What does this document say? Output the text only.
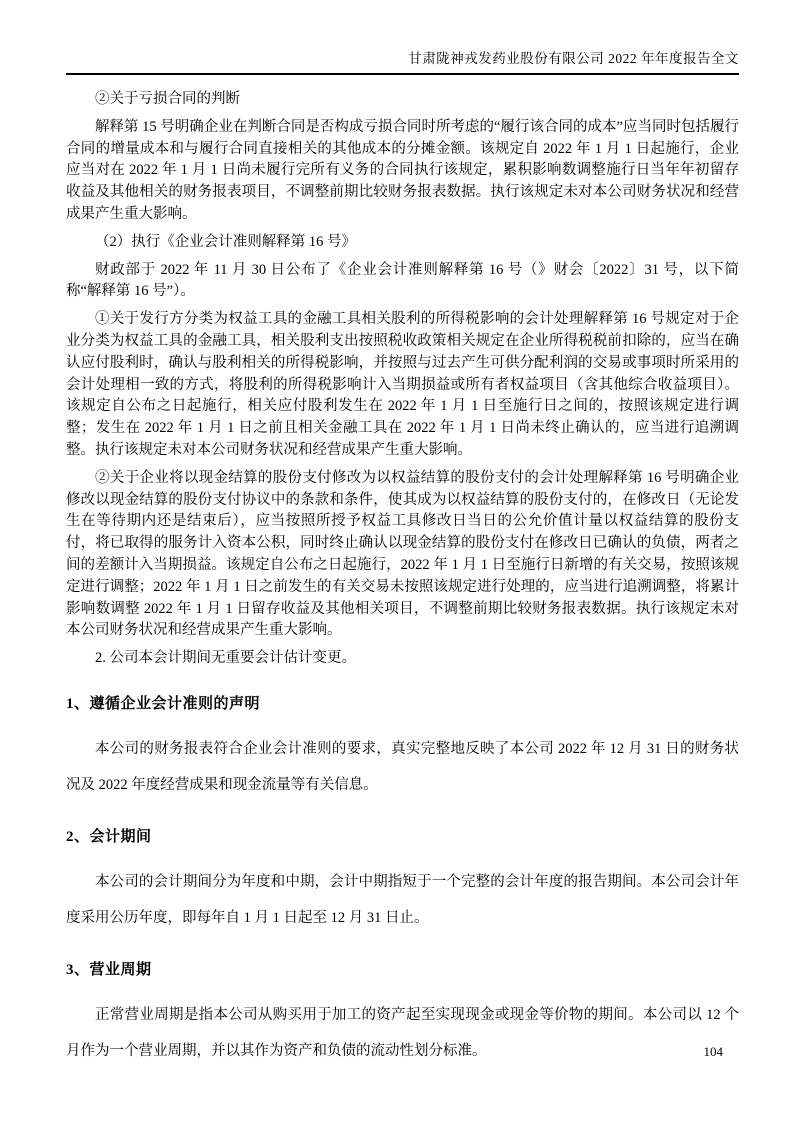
甘肃陇神戎发药业股份有限公司 2022 年年度报告全文

②关于亏损合同的判断

解释第 15 号明确企业在判断合同是否构成亏损合同时所考虑的“履行该合同的成本”应当同时包括履行合同的增量成本和与履行合同直接相关的其他成本的分摊金额。该规定自 2022 年 1 月 1 日起施行，企业应当对在 2022 年 1 月 1 日尚未履行完所有义务的合同执行该规定，累积影响数调整施行日当年年初留存收益及其他相关的财务报表项目，不调整前期比较财务报表数据。执行该规定未对本公司财务状况和经营成果产生重大影响。

（2）执行《企业会计准则解释第 16 号》

财政部于 2022 年 11 月 30 日公布了《企业会计准则解释第 16 号（》财会〔2022〕31 号，以下简称“解释第 16 号”）。

①关于发行方分类为权益工具的金融工具相关股利的所得税影响的会计处理解释第 16 号规定对于企业分类为权益工具的金融工具，相关股利支出按照税收政策相关规定在企业所得税税前扣除的，应当在确认应付股利时，确认与股利相关的所得税影响，并按照与过去产生可供分配利润的交易或事项时所采用的会计处理相一致的方式，将股利的所得税影响计入当期损益或所有者权益项目（含其他综合收益项目）。该规定自公布之日起施行，相关应付股利发生在 2022 年 1 月 1 日至施行日之间的，按照该规定进行调整；发生在 2022 年 1 月 1 日之前且相关金融工具在 2022 年 1 月 1 日尚未终止确认的，应当进行追溯调整。执行该规定未对本公司财务状况和经营成果产生重大影响。

②关于企业将以现金结算的股份支付修改为以权益结算的股份支付的会计处理解释第 16 号明确企业修改以现金结算的股份支付协议中的条款和条件，使其成为以权益结算的股份支付的，在修改日（无论发生在等待期内还是结束后），应当按照所授予权益工具修改日当日的公允价值计量以权益结算的股份支付，将已取得的服务计入资本公积，同时终止确认以现金结算的股份支付在修改日已确认的负债，两者之间的差额计入当期损益。该规定自公布之日起施行，2022 年 1 月 1 日至施行日新增的有关交易，按照该规定进行调整；2022 年 1 月 1 日之前发生的有关交易未按照该规定进行处理的，应当进行追溯调整，将累计影响数调整 2022 年 1 月 1 日留存收益及其他相关项目，不调整前期比较财务报表数据。执行该规定未对本公司财务状况和经营成果产生重大影响。

2. 公司本会计期间无重要会计估计变更。

1、遵循企业会计准则的声明

本公司的财务报表符合企业会计准则的要求，真实完整地反映了本公司 2022 年 12 月 31 日的财务状况及 2022 年度经营成果和现金流量等有关信息。

2、会计期间

本公司的会计期间分为年度和中期，会计中期指短于一个完整的会计年度的报告期间。本公司会计年度采用公历年度，即每年自 1 月 1 日起至 12 月 31 日止。

3、营业周期

正常营业周期是指本公司从购买用于加工的资产起至实现现金或现金等价物的期间。本公司以 12 个月作为一个营业周期，并以其作为资产和负债的流动性划分标准。	104
